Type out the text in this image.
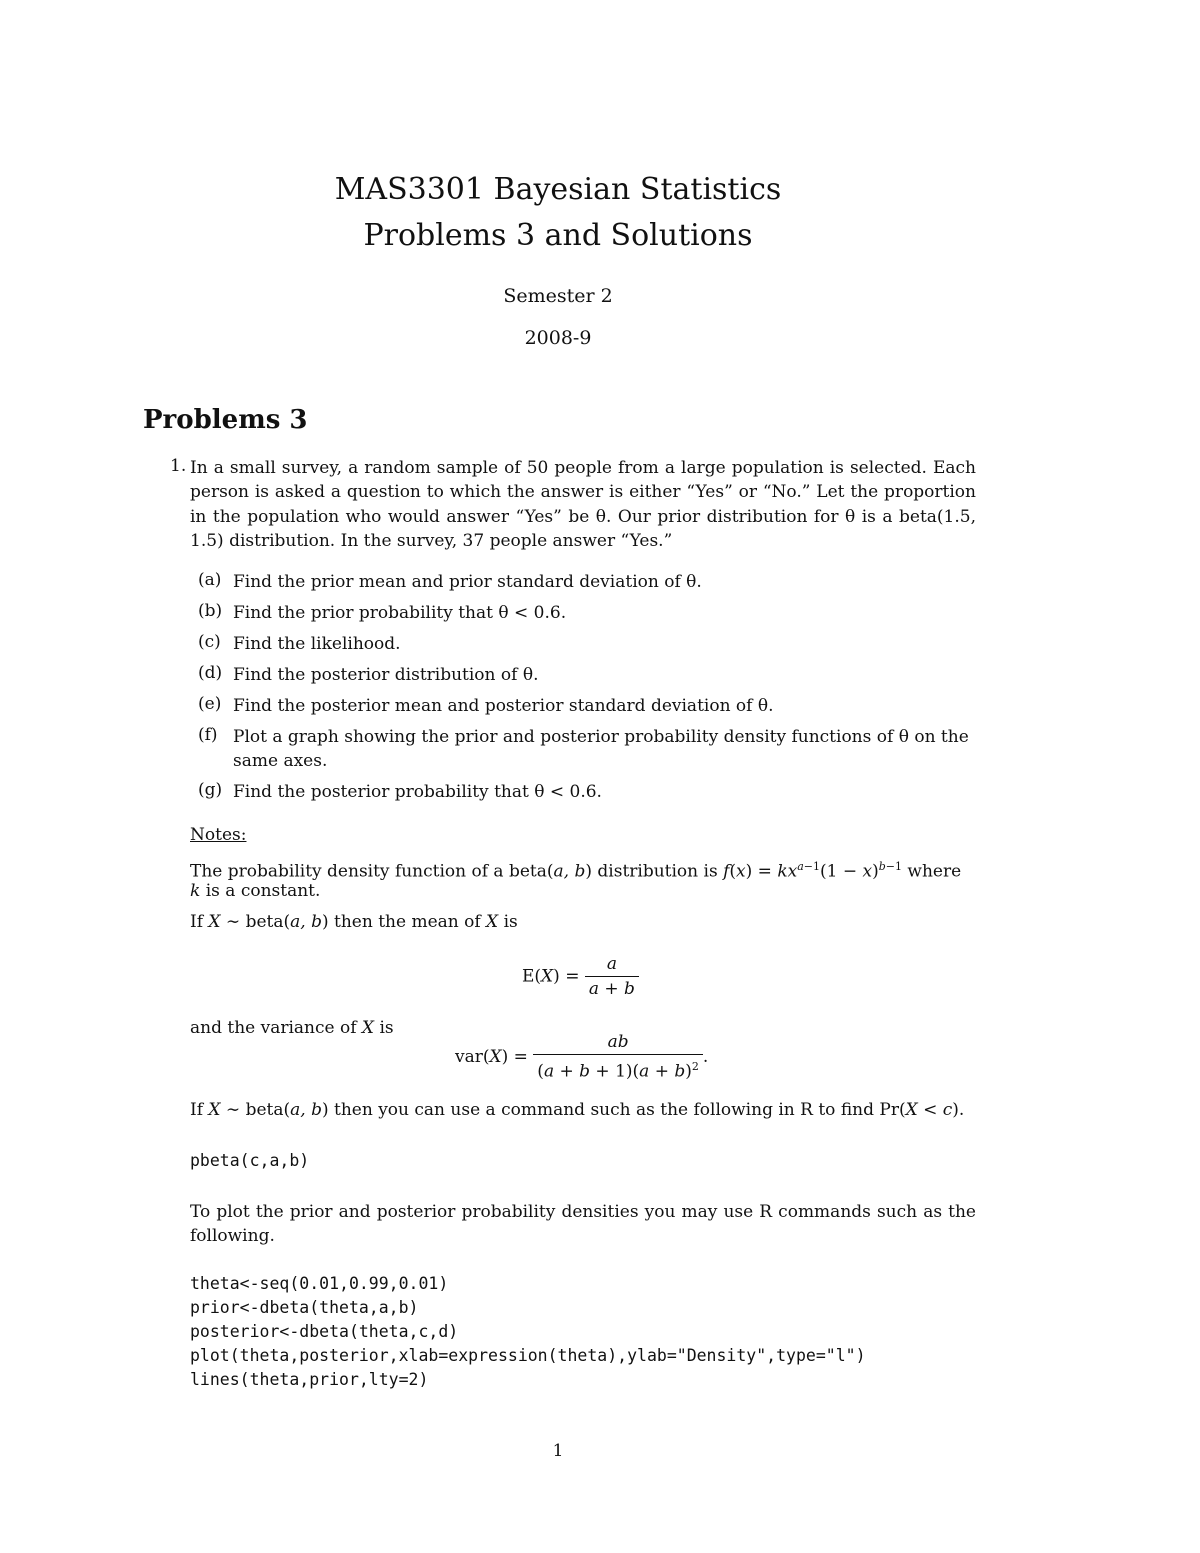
MAS3301 Bayesian Statistics
Problems 3 and Solutions
Semester 2
2008-9
Problems 3
1. In a small survey, a random sample of 50 people from a large population is selected. Each person is asked a question to which the answer is either “Yes” or “No.” Let the proportion in the population who would answer “Yes” be θ. Our prior distribution for θ is a beta(1.5, 1.5) distribution. In the survey, 37 people answer “Yes.”
(a) Find the prior mean and prior standard deviation of θ.
(b) Find the prior probability that θ < 0.6.
(c) Find the likelihood.
(d) Find the posterior distribution of θ.
(e) Find the posterior mean and posterior standard deviation of θ.
(f) Plot a graph showing the prior and posterior probability density functions of θ on the same axes.
(g) Find the posterior probability that θ < 0.6.
Notes:
The probability density function of a beta(a, b) distribution is $f(x) = kx^{a-1}(1 - x)^{b-1}$ where
k is a constant.
If X ∼ beta(a, b) then the mean of X is
$E(X) = \frac{a}{a + b}$
and the variance of X is
$var(X) = \frac{ab}{(a + b + 1)(a + b)^2}$ .
If X ∼ beta(a, b) then you can use a command such as the following in R to find Pr(X < c).
pbeta(c,a,b)
To plot the prior and posterior probability densities you may use R commands such as the following.
theta<-seq(0.01,0.99,0.01)
prior<-dbeta(theta,a,b)
posterior<-dbeta(theta,c,d)
plot(theta,posterior,xlab=expression(theta),ylab="Density",type="l")
lines(theta,prior,lty=2)
1
